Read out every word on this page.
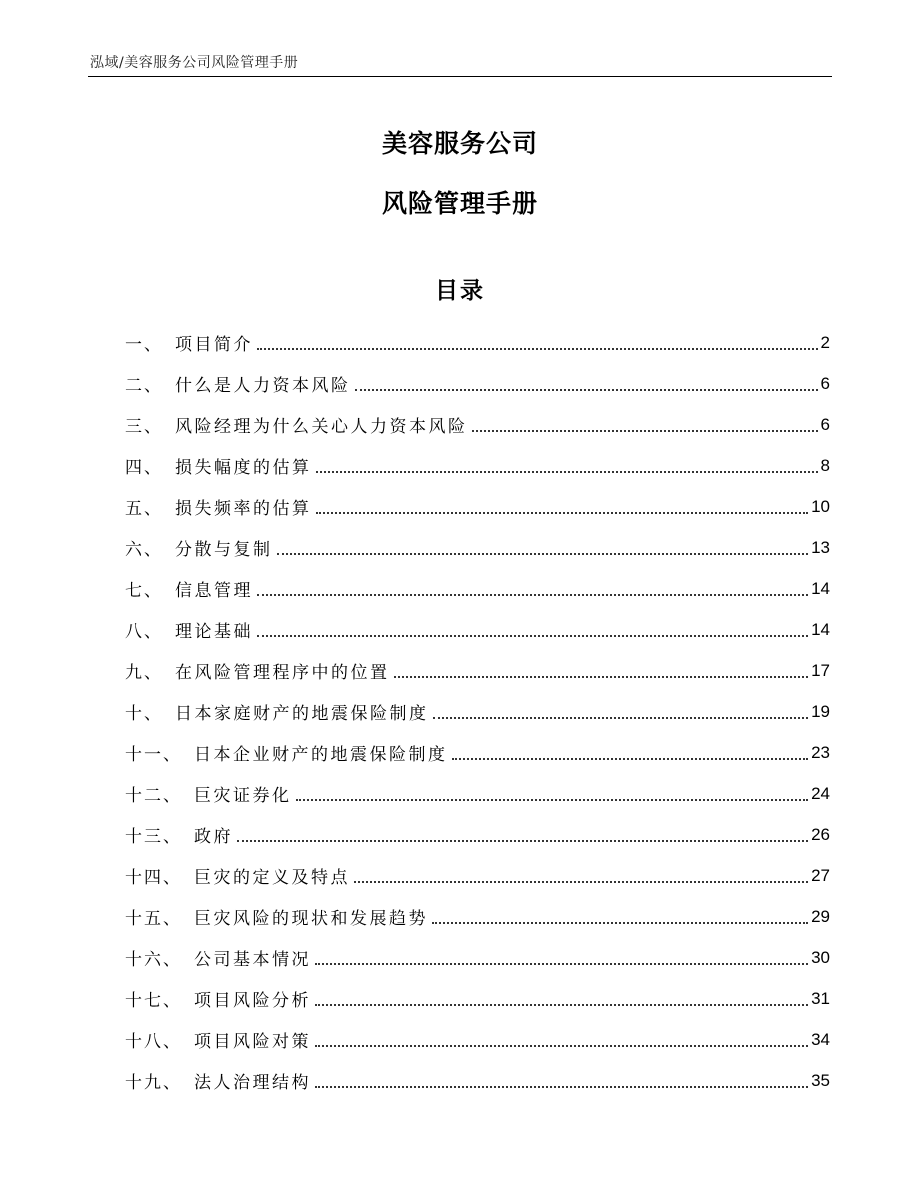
泓域/美容服务公司风险管理手册
美容服务公司
风险管理手册
目录
一 、 项目简介	2
二 、 什么是人力资本风险	6
三 、 风险经理为什么关心人力资本风险	6
四 、 损失幅度的估算	8
五 、 损失频率的估算	10
六 、 分散与复制	13
七 、 信息管理	14
八 、 理论基础	14
九 、 在风险管理程序中的位置	17
十 、 日本家庭财产的地震保险制度	19
十一 、 日本企业财产的地震保险制度	23
十二 、 巨灾证券化	24
十三 、 政府	26
十四 、 巨灾的定义及特点	27
十五 、 巨灾风险的现状和发展趋势	29
十六 、 公司基本情况	30
十七 、 项目风险分析	31
十八 、 项目风险对策	34
十九 、 法人治理结构	35
